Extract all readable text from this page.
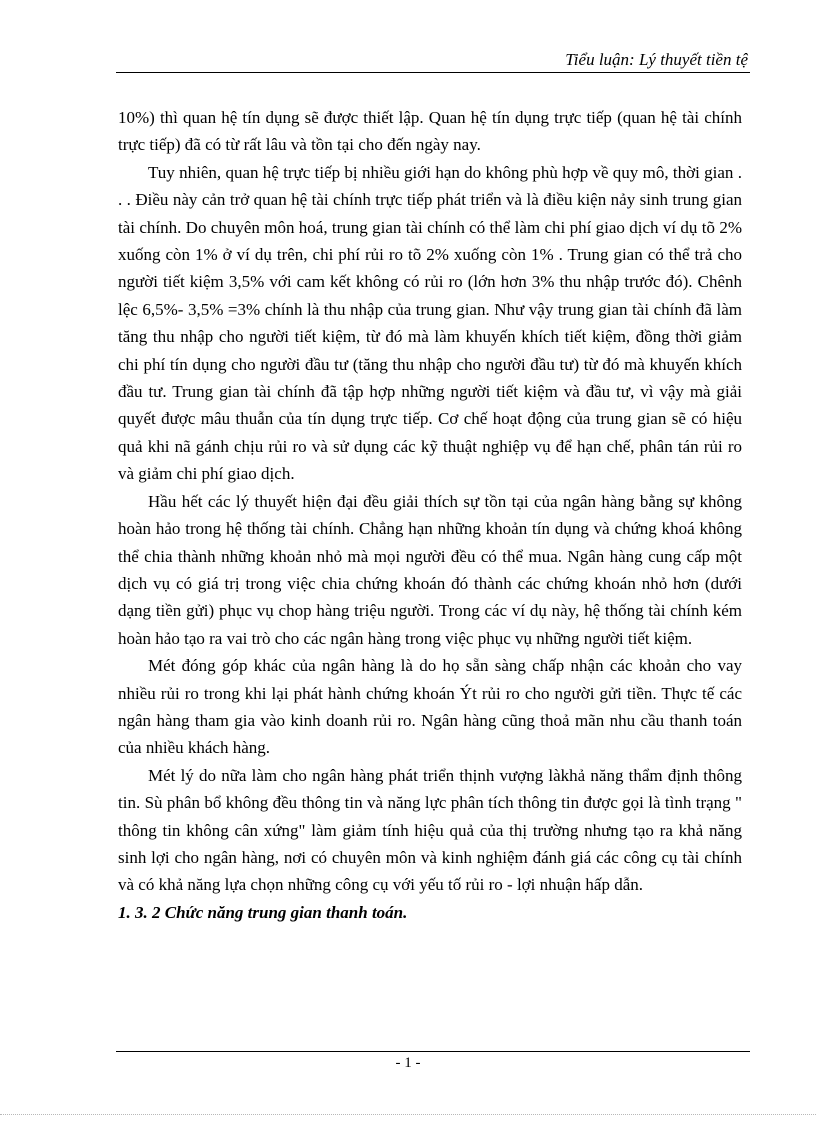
Tiểu luận: Lý thuyết tiền tệ

10%) thì quan hệ tín dụng sẽ được thiết lập. Quan hệ tín dụng trực tiếp (quan hệ tài chính trực tiếp) đã có từ rất lâu và tồn tại cho đến ngày nay.

Tuy nhiên, quan hệ trực tiếp bị nhiều giới hạn do không phù hợp về quy mô, thời gian . . . Điều này cản trở quan hệ tài chính trực tiếp phát triển và là điều kiện nảy sinh trung gian tài chính. Do chuyên môn hoá, trung gian tài chính có thể làm chi phí giao dịch ví dụ tõ 2% xuống còn 1% ở ví dụ trên, chi phí rủi ro tõ 2% xuống còn 1% . Trung gian có thể trả cho người tiết kiệm 3,5% với cam kết không có rủi ro (lớn hơn 3% thu nhập trước đó). Chênh lệc 6,5%- 3,5% =3% chính là thu nhập của trung gian. Như vậy trung gian tài chính đã làm tăng thu nhập cho người tiết kiệm, từ đó mà làm khuyến khích tiết kiệm, đồng thời giảm chi phí tín dụng cho người đầu tư (tăng thu nhập cho người đầu tư) từ đó mà khuyến khích đầu tư. Trung gian tài chính đã tập hợp những người tiết kiệm và đầu tư, vì vậy mà giải quyết được mâu thuẫn của tín dụng trực tiếp. Cơ chế hoạt động của trung gian sẽ có hiệu quả khi nã gánh chịu rủi ro và sử dụng các kỹ thuật nghiệp vụ để hạn chế, phân tán rủi ro và giảm chi phí giao dịch.

Hầu hết các lý thuyết hiện đại đều giải thích sự tồn tại của ngân hàng bằng sự không hoàn hảo trong hệ thống tài chính. Chẳng hạn những khoản tín dụng và chứng khoá không thể chia thành những khoản nhỏ mà mọi người đều có thể mua. Ngân hàng cung cấp một dịch vụ có giá trị trong việc chia chứng khoán đó thành các chứng khoán nhỏ hơn (dưới dạng tiền gửi) phục vụ chop hàng triệu người. Trong các ví dụ này, hệ thống tài chính kém hoàn hảo tạo ra vai trò cho các ngân hàng trong việc phục vụ những người tiết kiệm.

Mét đóng góp khác của ngân hàng là do họ sẵn sàng chấp nhận các khoản cho vay nhiều rủi ro trong khi lại phát hành chứng khoán Ýt rủi ro cho người gửi tiền. Thực tế các ngân hàng tham gia vào kinh doanh rủi ro. Ngân hàng cũng thoả mãn nhu cầu thanh toán của nhiều khách hàng.

Mét lý do nữa làm cho ngân hàng phát triển thịnh vượng làkhả năng thẩm định thông tin. Sù phân bổ không đều thông tin và năng lực phân tích thông tin được gọi là tình trạng " thông tin không cân xứng" làm giảm tính hiệu quả của thị trường nhưng tạo ra khả năng sinh lợi cho ngân hàng, nơi có chuyên môn và kinh nghiệm đánh giá các công cụ tài chính và có khả năng lựa chọn những công cụ với yếu tố rủi ro - lợi nhuận hấp dẫn.

1. 3. 2 Chức năng trung gian thanh toán.

- 1 -
